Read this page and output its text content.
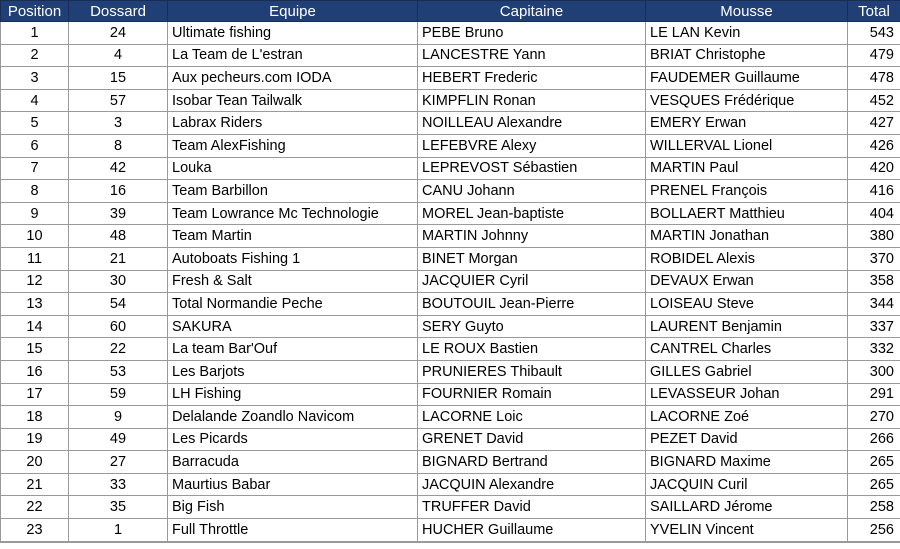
Position	Dossard	Equipe	Capitaine	Mousse	Total
1	24	Ultimate fishing	PEBE Bruno	LE LAN Kevin	543
2	4	La Team de L'estran	LANCESTRE Yann	BRIAT Christophe	479
3	15	Aux pecheurs.com IODA	HEBERT Frederic	FAUDEMER Guillaume	478
4	57	Isobar Tean Tailwalk	KIMPFLIN Ronan	VESQUES Frédérique	452
5	3	Labrax Riders	NOILLEAU Alexandre	EMERY Erwan	427
6	8	Team AlexFishing	LEFEBVRE Alexy	WILLERVAL Lionel	426
7	42	Louka	LEPREVOST Sébastien	MARTIN Paul	420
8	16	Team Barbillon	CANU Johann	PRENEL François	416
9	39	Team Lowrance Mc Technologie	MOREL Jean-baptiste	BOLLAERT Matthieu	404
10	48	Team Martin	MARTIN Johnny	MARTIN Jonathan	380
11	21	Autoboats Fishing 1	BINET Morgan	ROBIDEL Alexis	370
12	30	Fresh & Salt	JACQUIER Cyril	DEVAUX Erwan	358
13	54	Total Normandie Peche	BOUTOUIL Jean-Pierre	LOISEAU Steve	344
14	60	SAKURA	SERY Guyto	LAURENT Benjamin	337
15	22	La team Bar'Ouf	LE ROUX Bastien	CANTREL Charles	332
16	53	Les Barjots	PRUNIERES Thibault	GILLES Gabriel	300
17	59	LH Fishing	FOURNIER Romain	LEVASSEUR Johan	291
18	9	Delalande Zoandlo Navicom	LACORNE Loic	LACORNE Zoé	270
19	49	Les Picards	GRENET David	PEZET David	266
20	27	Barracuda	BIGNARD Bertrand	BIGNARD Maxime	265
21	33	Maurtius Babar	JACQUIN Alexandre	JACQUIN Curil	265
22	35	Big Fish	TRUFFER David	SAILLARD Jérome	258
23	1	Full Throttle	HUCHER Guillaume	YVELIN Vincent	256
